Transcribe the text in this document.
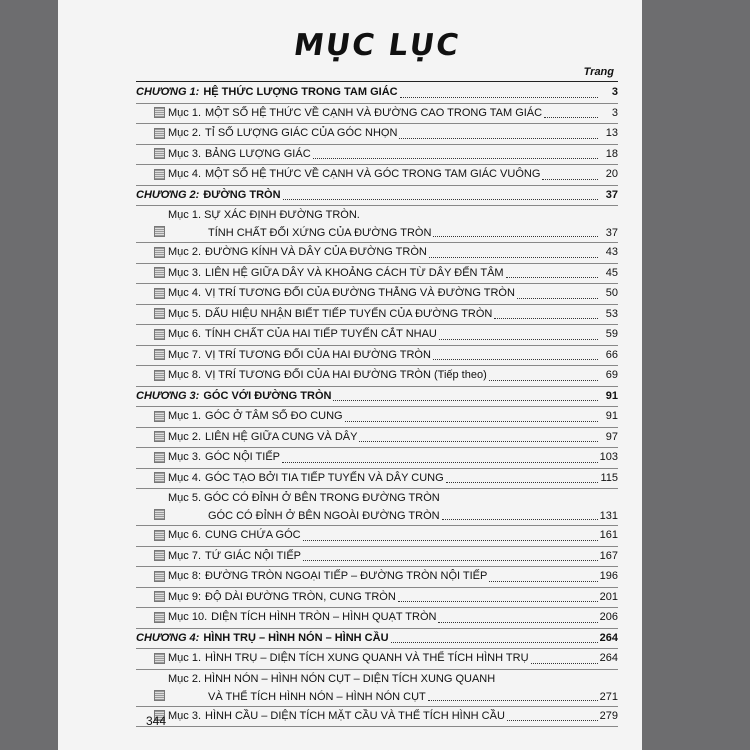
MỤC LỤC
Trang
CHƯƠNG 1: HỆ THỨC LƯỢNG TRONG TAM GIÁC	3
Mục 1. MỘT SỐ HỆ THỨC VỀ CẠNH VÀ ĐƯỜNG CAO TRONG TAM GIÁC	3
Mục 2. TỈ SỐ LƯỢNG GIÁC CỦA GÓC NHỌN	13
Mục 3. BẢNG LƯỢNG GIÁC	18
Mục 4. MỘT SỐ HỆ THỨC VỀ CẠNH VÀ GÓC TRONG TAM GIÁC VUÔNG	20
CHƯƠNG 2: ĐƯỜNG TRÒN	37
Mục 1. SỰ XÁC ĐỊNH ĐƯỜNG TRÒN.
TÍNH CHẤT ĐỐI XỨNG CỦA ĐƯỜNG TRÒN	37
Mục 2. ĐƯỜNG KÍNH VÀ DÂY CỦA ĐƯỜNG TRÒN	43
Mục 3. LIÊN HỆ GIỮA DÂY VÀ KHOẢNG CÁCH TỪ DÂY ĐẾN TÂM	45
Mục 4. VỊ TRÍ TƯƠNG ĐỐI CỦA ĐƯỜNG THẲNG VÀ ĐƯỜNG TRÒN	50
Mục 5. DẤU HIỆU NHẬN BIẾT TIẾP TUYẾN CỦA ĐƯỜNG TRÒN	53
Mục 6. TÍNH CHẤT CỦA HAI TIẾP TUYẾN CẮT NHAU	59
Mục 7. VỊ TRÍ TƯƠNG ĐỐI CỦA HAI ĐƯỜNG TRÒN	66
Mục 8. VỊ TRÍ TƯƠNG ĐỐI CỦA HAI ĐƯỜNG TRÒN (Tiếp theo)	69
CHƯƠNG 3: GÓC VỚI ĐƯỜNG TRÒN	91
Mục 1. GÓC Ở TÂM SỐ ĐO CUNG	91
Mục 2. LIÊN HỆ GIỮA CUNG VÀ DÂY	97
Mục 3. GÓC NỘI TIẾP	103
Mục 4. GÓC TẠO BỞI TIA TIẾP TUYẾN VÀ DÂY CUNG	115
Mục 5. GÓC CÓ ĐỈNH Ở BÊN TRONG ĐƯỜNG TRÒN
GÓC CÓ ĐỈNH Ở BÊN NGOÀI ĐƯỜNG TRÒN	131
Mục 6. CUNG CHỨA GÓC	161
Mục 7. TỨ GIÁC NỘI TIẾP	167
Mục 8: ĐƯỜNG TRÒN NGOẠI TIẾP – ĐƯỜNG TRÒN NỘI TIẾP	196
Mục 9: ĐỘ DÀI ĐƯỜNG TRÒN, CUNG TRÒN	201
Mục 10. DIỆN TÍCH HÌNH TRÒN – HÌNH QUẠT TRÒN	206
CHƯƠNG 4: HÌNH TRỤ – HÌNH NÓN – HÌNH CẦU	264
Mục 1. HÌNH TRỤ – DIỆN TÍCH XUNG QUANH VÀ THỂ TÍCH HÌNH TRỤ	264
Mục 2. HÌNH NÓN – HÌNH NÓN CỤT – DIỆN TÍCH XUNG QUANH
VÀ THỂ TÍCH HÌNH NÓN – HÌNH NÓN CỤT	271
Mục 3. HÌNH CẦU – DIỆN TÍCH MẶT CẦU VÀ THỂ TÍCH HÌNH CẦU	279
344
